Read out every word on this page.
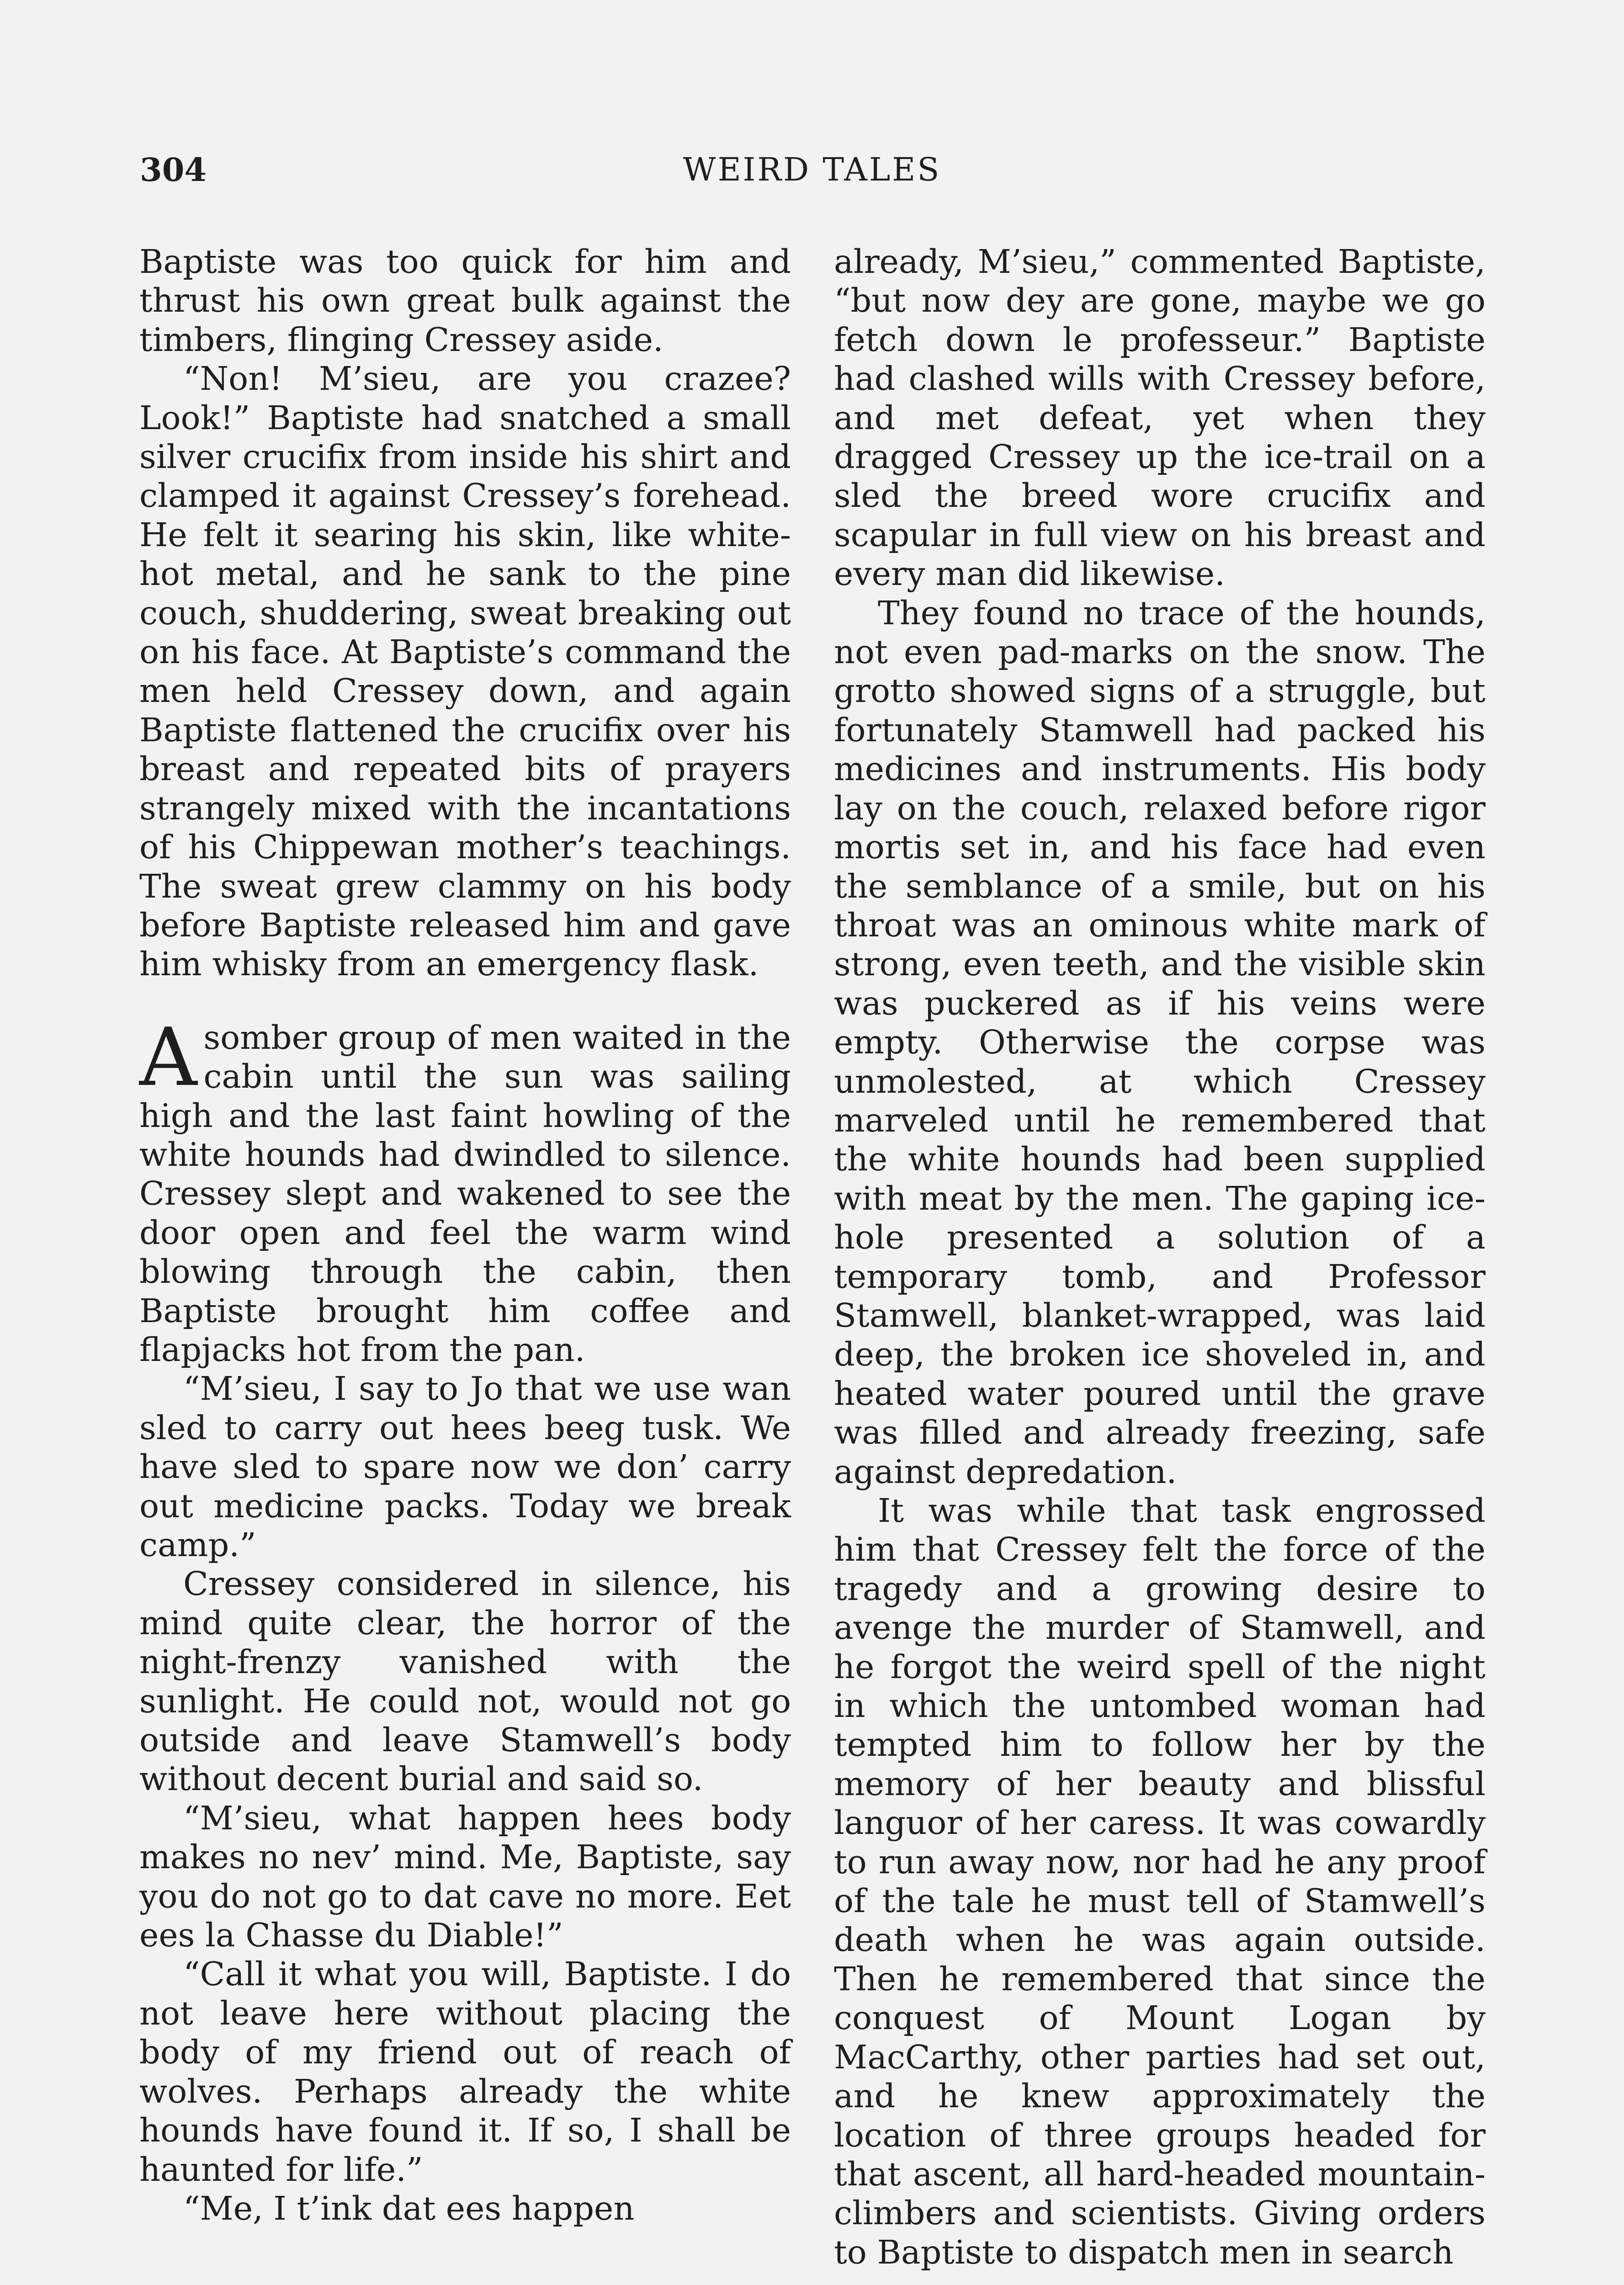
304	WEIRD TALES

Baptiste was too quick for him and thrust his own great bulk against the timbers, flinging Cressey aside.

“Non! M’sieu, are you crazee? Look!” Baptiste had snatched a small silver crucifix from inside his shirt and clamped it against Cressey’s forehead. He felt it searing his skin, like white-hot metal, and he sank to the pine couch, shuddering, sweat breaking out on his face. At Baptiste’s command the men held Cressey down, and again Baptiste flattened the crucifix over his breast and repeated bits of prayers strangely mixed with the incantations of his Chippewan mother’s teachings. The sweat grew clammy on his body before Baptiste released him and gave him whisky from an emergency flask.

Asomber group of men waited in the cabin until the sun was sailing high and the last faint howling of the white hounds had dwindled to silence. Cressey slept and wakened to see the door open and feel the warm wind blowing through the cabin, then Baptiste brought him coffee and flapjacks hot from the pan.

“M’sieu, I say to Jo that we use wan sled to carry out hees beeg tusk. We have sled to spare now we don’ carry out medicine packs. Today we break camp.”

Cressey considered in silence, his mind quite clear, the horror of the night-frenzy vanished with the sunlight. He could not, would not go outside and leave Stamwell’s body without decent burial and said so.

“M’sieu, what happen hees body makes no nev’ mind. Me, Baptiste, say you do not go to dat cave no more. Eet ees la Chasse du Diable!”

“Call it what you will, Baptiste. I do not leave here without placing the body of my friend out of reach of wolves. Perhaps already the white hounds have found it. If so, I shall be haunted for life.”

“Me, I t’ink dat ees happen

already, M’sieu,” commented Baptiste, “but now dey are gone, maybe we go fetch down le professeur.” Baptiste had clashed wills with Cressey before, and met defeat, yet when they dragged Cressey up the ice-trail on a sled the breed wore crucifix and scapular in full view on his breast and every man did likewise.

They found no trace of the hounds, not even pad-marks on the snow. The grotto showed signs of a struggle, but fortunately Stamwell had packed his medicines and instruments. His body lay on the couch, relaxed before rigor mortis set in, and his face had even the semblance of a smile, but on his throat was an ominous white mark of strong, even teeth, and the visible skin was puckered as if his veins were empty. Otherwise the corpse was unmolested, at which Cressey marveled until he remembered that the white hounds had been supplied with meat by the men. The gaping ice-hole presented a solution of a temporary tomb, and Professor Stamwell, blanket-wrapped, was laid deep, the broken ice shoveled in, and heated water poured until the grave was filled and already freezing, safe against depredation.

It was while that task engrossed him that Cressey felt the force of the tragedy and a growing desire to avenge the murder of Stamwell, and he forgot the weird spell of the night in which the untombed woman had tempted him to follow her by the memory of her beauty and blissful languor of her caress. It was cowardly to run away now, nor had he any proof of the tale he must tell of Stamwell’s death when he was again outside. Then he remembered that since the conquest of Mount Logan by MacCarthy, other parties had set out, and he knew approximately the location of three groups headed for that ascent, all hard-headed mountain-climbers and scientists. Giving orders to Baptiste to dispatch men in search
